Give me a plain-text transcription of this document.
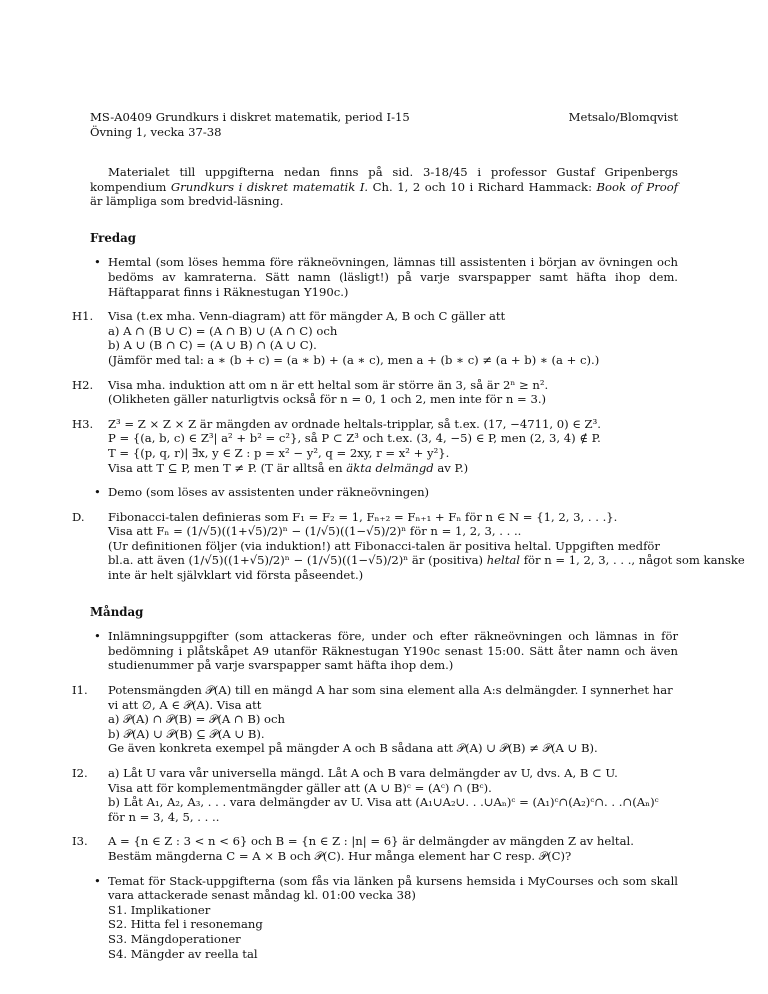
MS-A0409 Grundkurs i diskret matematik, period I-15
Övning 1, vecka 37-38
Metsalo/Blomqvist
Materialet till uppgifterna nedan finns på sid. 3-18/45 i professor Gustaf Gripenbergs kompendium Grundkurs i diskret matematik I. Ch. 1, 2 och 10 i Richard Hammack: Book of Proof är lämpliga som bredvid-läsning.
Fredag
• Hemtal (som löses hemma före räkneövningen, lämnas till assistenten i början av övningen och bedöms av kamraterna. Sätt namn (läsligt!) på varje svarspapper samt häfta ihop dem. Häftapparat finns i Räknestugan Y190c.)
H1.	Visa (t.ex mha. Venn-diagram) att för mängder A, B och C gäller att
a) A ∩ (B ∪ C) = (A ∩ B) ∪ (A ∩ C) och
b) A ∪ (B ∩ C) = (A ∪ B) ∩ (A ∪ C).
(Jämför med tal: a ∗ (b + c) = (a ∗ b) + (a ∗ c), men a + (b ∗ c) ≠ (a + b) ∗ (a + c).)
H2.	Visa mha. induktion att om n är ett heltal som är större än 3, så är 2ⁿ ≥ n².
(Olikheten gäller naturligtvis också för n = 0, 1 och 2, men inte för n = 3.)
H3.	Z³ = Z × Z × Z är mängden av ordnade heltals-tripplar, så t.ex. (17, −4711, 0) ∈ Z³.
P = {(a, b, c) ∈ Z³| a² + b² = c²}, så P ⊂ Z³ och t.ex. (3, 4, −5) ∈ P, men (2, 3, 4) ∉ P.
T = {(p, q, r)| ∃x, y ∈ Z : p = x² − y², q = 2xy, r = x² + y²}.
Visa att T ⊆ P, men T ≠ P. (T är alltså en äkta delmängd av P.)
• Demo (som löses av assistenten under räkneövningen)
D.	Fibonacci-talen definieras som F₁ = F₂ = 1, Fₙ₊₂ = Fₙ₊₁ + Fₙ för n ∈ N = {1, 2, 3, . . .}.
Visa att Fₙ = (1/√5)((1+√5)/2)ⁿ − (1/√5)((1−√5)/2)ⁿ för n = 1, 2, 3, . . ..
(Ur definitionen följer (via induktion!) att Fibonacci-talen är positiva heltal. Uppgiften medför
bl.a. att även (1/√5)((1+√5)/2)ⁿ − (1/√5)((1−√5)/2)ⁿ är (positiva) heltal för n = 1, 2, 3, . . ., något som kanske
inte är helt självklart vid första påseendet.)
Måndag
• Inlämningsuppgifter (som attackeras före, under och efter räkneövningen och lämnas in för bedömning i plåtskåpet A9 utanför Räknestugan Y190c senast 15:00. Sätt åter namn och även studienummer på varje svarspapper samt häfta ihop dem.)
I1.	Potensmängden 𝒫(A) till en mängd A har som sina element alla A:s delmängder. I synnerhet har
vi att ∅, A ∈ 𝒫(A). Visa att
a) 𝒫(A) ∩ 𝒫(B) = 𝒫(A ∩ B) och
b) 𝒫(A) ∪ 𝒫(B) ⊆ 𝒫(A ∪ B).
Ge även konkreta exempel på mängder A och B sådana att 𝒫(A) ∪ 𝒫(B) ≠ 𝒫(A ∪ B).
I2.	a) Låt U vara vår universella mängd. Låt A och B vara delmängder av U, dvs. A, B ⊂ U.
Visa att för komplementmängder gäller att (A ∪ B)ᶜ = (Aᶜ) ∩ (Bᶜ).
b) Låt A₁, A₂, A₃, . . . vara delmängder av U. Visa att (A₁∪A₂∪. . .∪Aₙ)ᶜ = (A₁)ᶜ∩(A₂)ᶜ∩. . .∩(Aₙ)ᶜ
för n = 3, 4, 5, . . ..
I3.	A = {n ∈ Z : 3 < n < 6} och B = {n ∈ Z : |n| = 6} är delmängder av mängden Z av heltal.
Bestäm mängderna C = A × B och 𝒫(C). Hur många element har C resp. 𝒫(C)?
• Temat för Stack-uppgifterna (som fås via länken på kursens hemsida i MyCourses och som skall vara attackerade senast måndag kl. 01:00 vecka 38)
S1. Implikationer
S2. Hitta fel i resonemang
S3. Mängdoperationer
S4. Mängder av reella tal
